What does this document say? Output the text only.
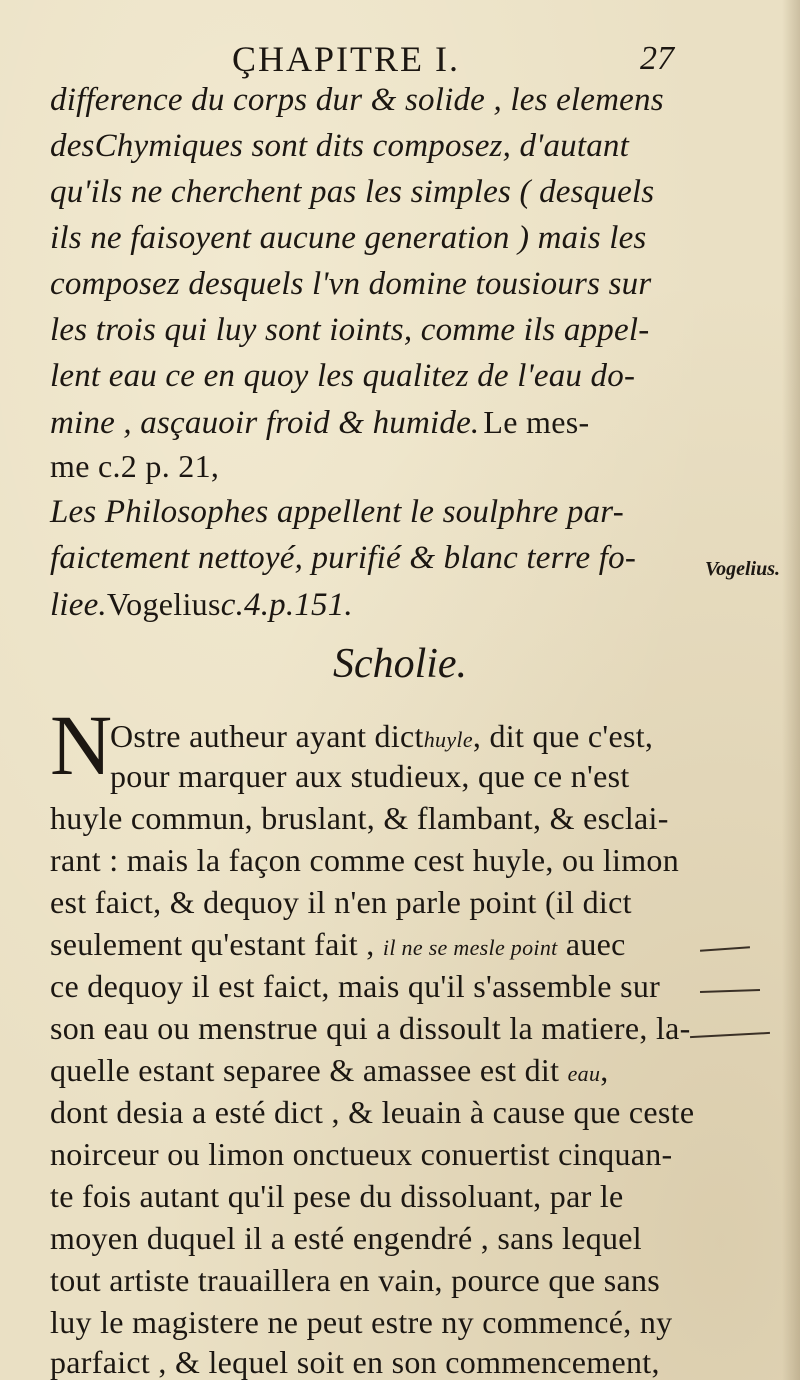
ÇHAPITRE I.	27
difference du corps dur & solide , les elemens
desChymiques sont dits composez, d'autant
qu'ils ne cherchent pas les simples ( desquels
ils ne faisoyent aucune generation ) mais les
composez desquels l'vn domine tousiours sur
les trois qui luy sont ioints, comme ils appel-
lent eau ce en quoy les qualitez de l'eau do-
mine , asçauoir froid & humide. Le mes-
me c.2 p. 21,
Les Philosophes appellent le soulphre par-
faictement nettoyé, purifié & blanc terre fo-
liee.Vogeliusc.4.p.151.
Vogelius.
Scholie.
N
Ostre autheur ayant dicthuyle, dit que c'est,
pour marquer aux studieux, que ce n'est
huyle commun, bruslant, & flambant, & esclai-
rant : mais la façon comme cest huyle, ou limon
est faict, & dequoy il n'en parle point (il dict
seulement qu'estant fait , il ne se mesle point auec
ce dequoy il est faict, mais qu'il s'assemble sur
son eau ou menstrue qui a dissoult la matiere, la-
quelle estant separee & amassee est dit eau,
dont desia a esté dict , & leuain à cause que ceste
noirceur ou limon onctueux conuertist cinquan-
te fois autant qu'il pese du dissoluant, par le
moyen duquel il a esté engendré , sans lequel
tout artiste trauaillera en vain, pource que sans
luy le magistere ne peut estre ny commencé, ny
parfaict , & lequel soit en son commencement,
